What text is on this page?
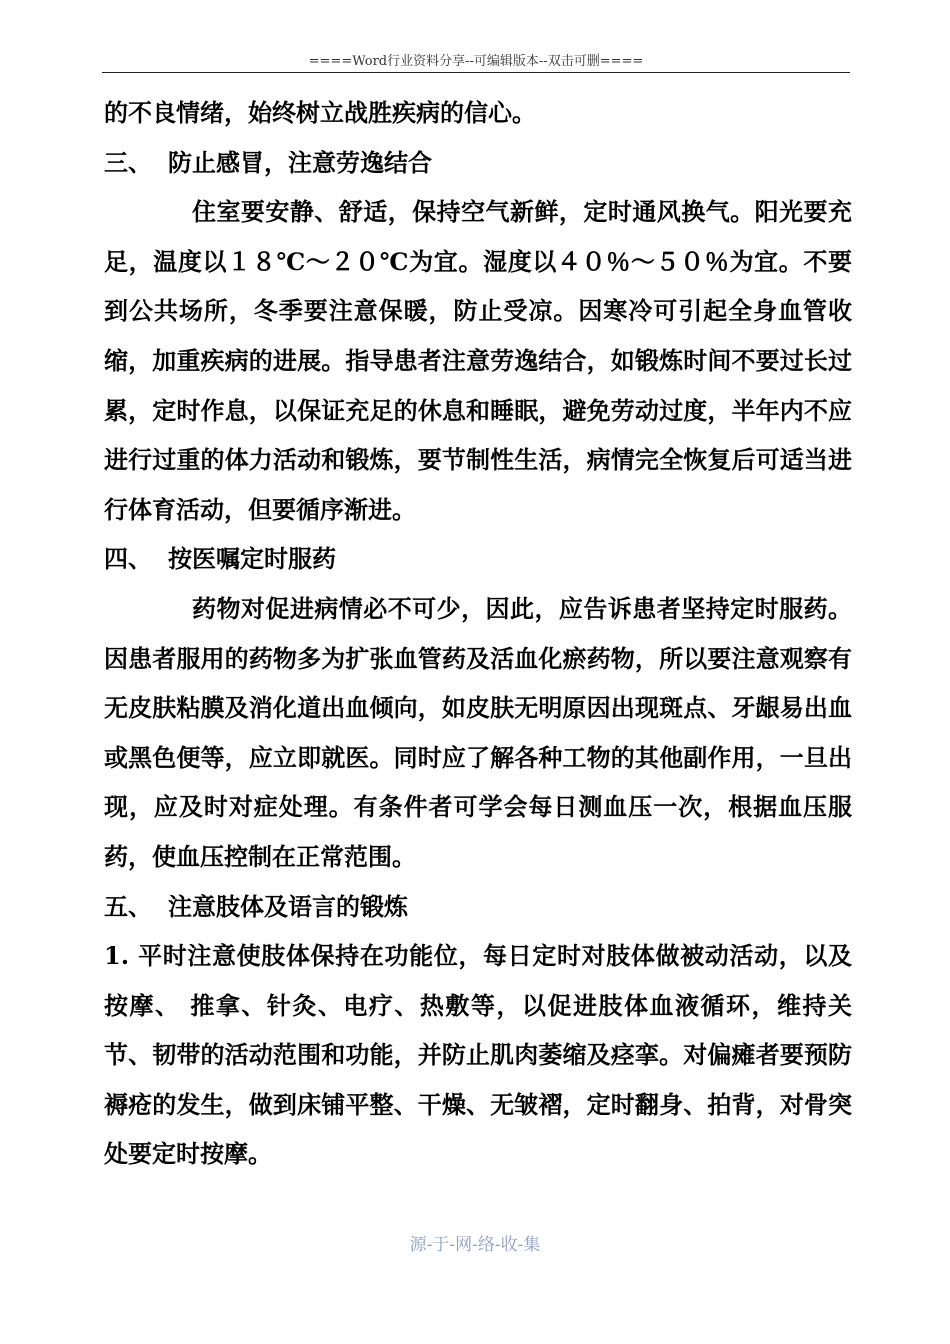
====Word行业资料分享--可编辑版本--双击可删====

的不良情绪，始终树立战胜疾病的信心。

三、 防止感冒，注意劳逸结合

住室要安静、舒适，保持空气新鲜，定时通风换气。阳光要充足，温度以１８℃～２０℃为宜。湿度以４０％～５０％为宜。不要到公共场所，冬季要注意保暖，防止受凉。因寒冷可引起全身血管收缩，加重疾病的进展。指导患者注意劳逸结合，如锻炼时间不要过长过累，定时作息，以保证充足的休息和睡眠，避免劳动过度，半年内不应进行过重的体力活动和锻炼，要节制性生活，病情完全恢复后可适当进行体育活动，但要循序渐进。

四、 按医嘱定时服药

药物对促进病情必不可少，因此，应告诉患者坚持定时服药。因患者服用的药物多为扩张血管药及活血化瘀药物，所以要注意观察有无皮肤粘膜及消化道出血倾向，如皮肤无明原因出现斑点、牙龈易出血或黑色便等，应立即就医。同时应了解各种工物的其他副作用，一旦出现，应及时对症处理。有条件者可学会每日测血压一次，根据血压服药，使血压控制在正常范围。

五、 注意肢体及语言的锻炼

1. 平时注意使肢体保持在功能位，每日定时对肢体做被动活动，以及按摩、 推拿、针灸、电疗、热敷等，以促进肢体血液循环，维持关节、韧带的活动范围和功能，并防止肌肉萎缩及痉挛。对偏瘫者要预防褥疮的发生，做到床铺平整、干燥、无皱褶，定时翻身、拍背，对骨突处要定时按摩。

源-于-网-络-收-集
